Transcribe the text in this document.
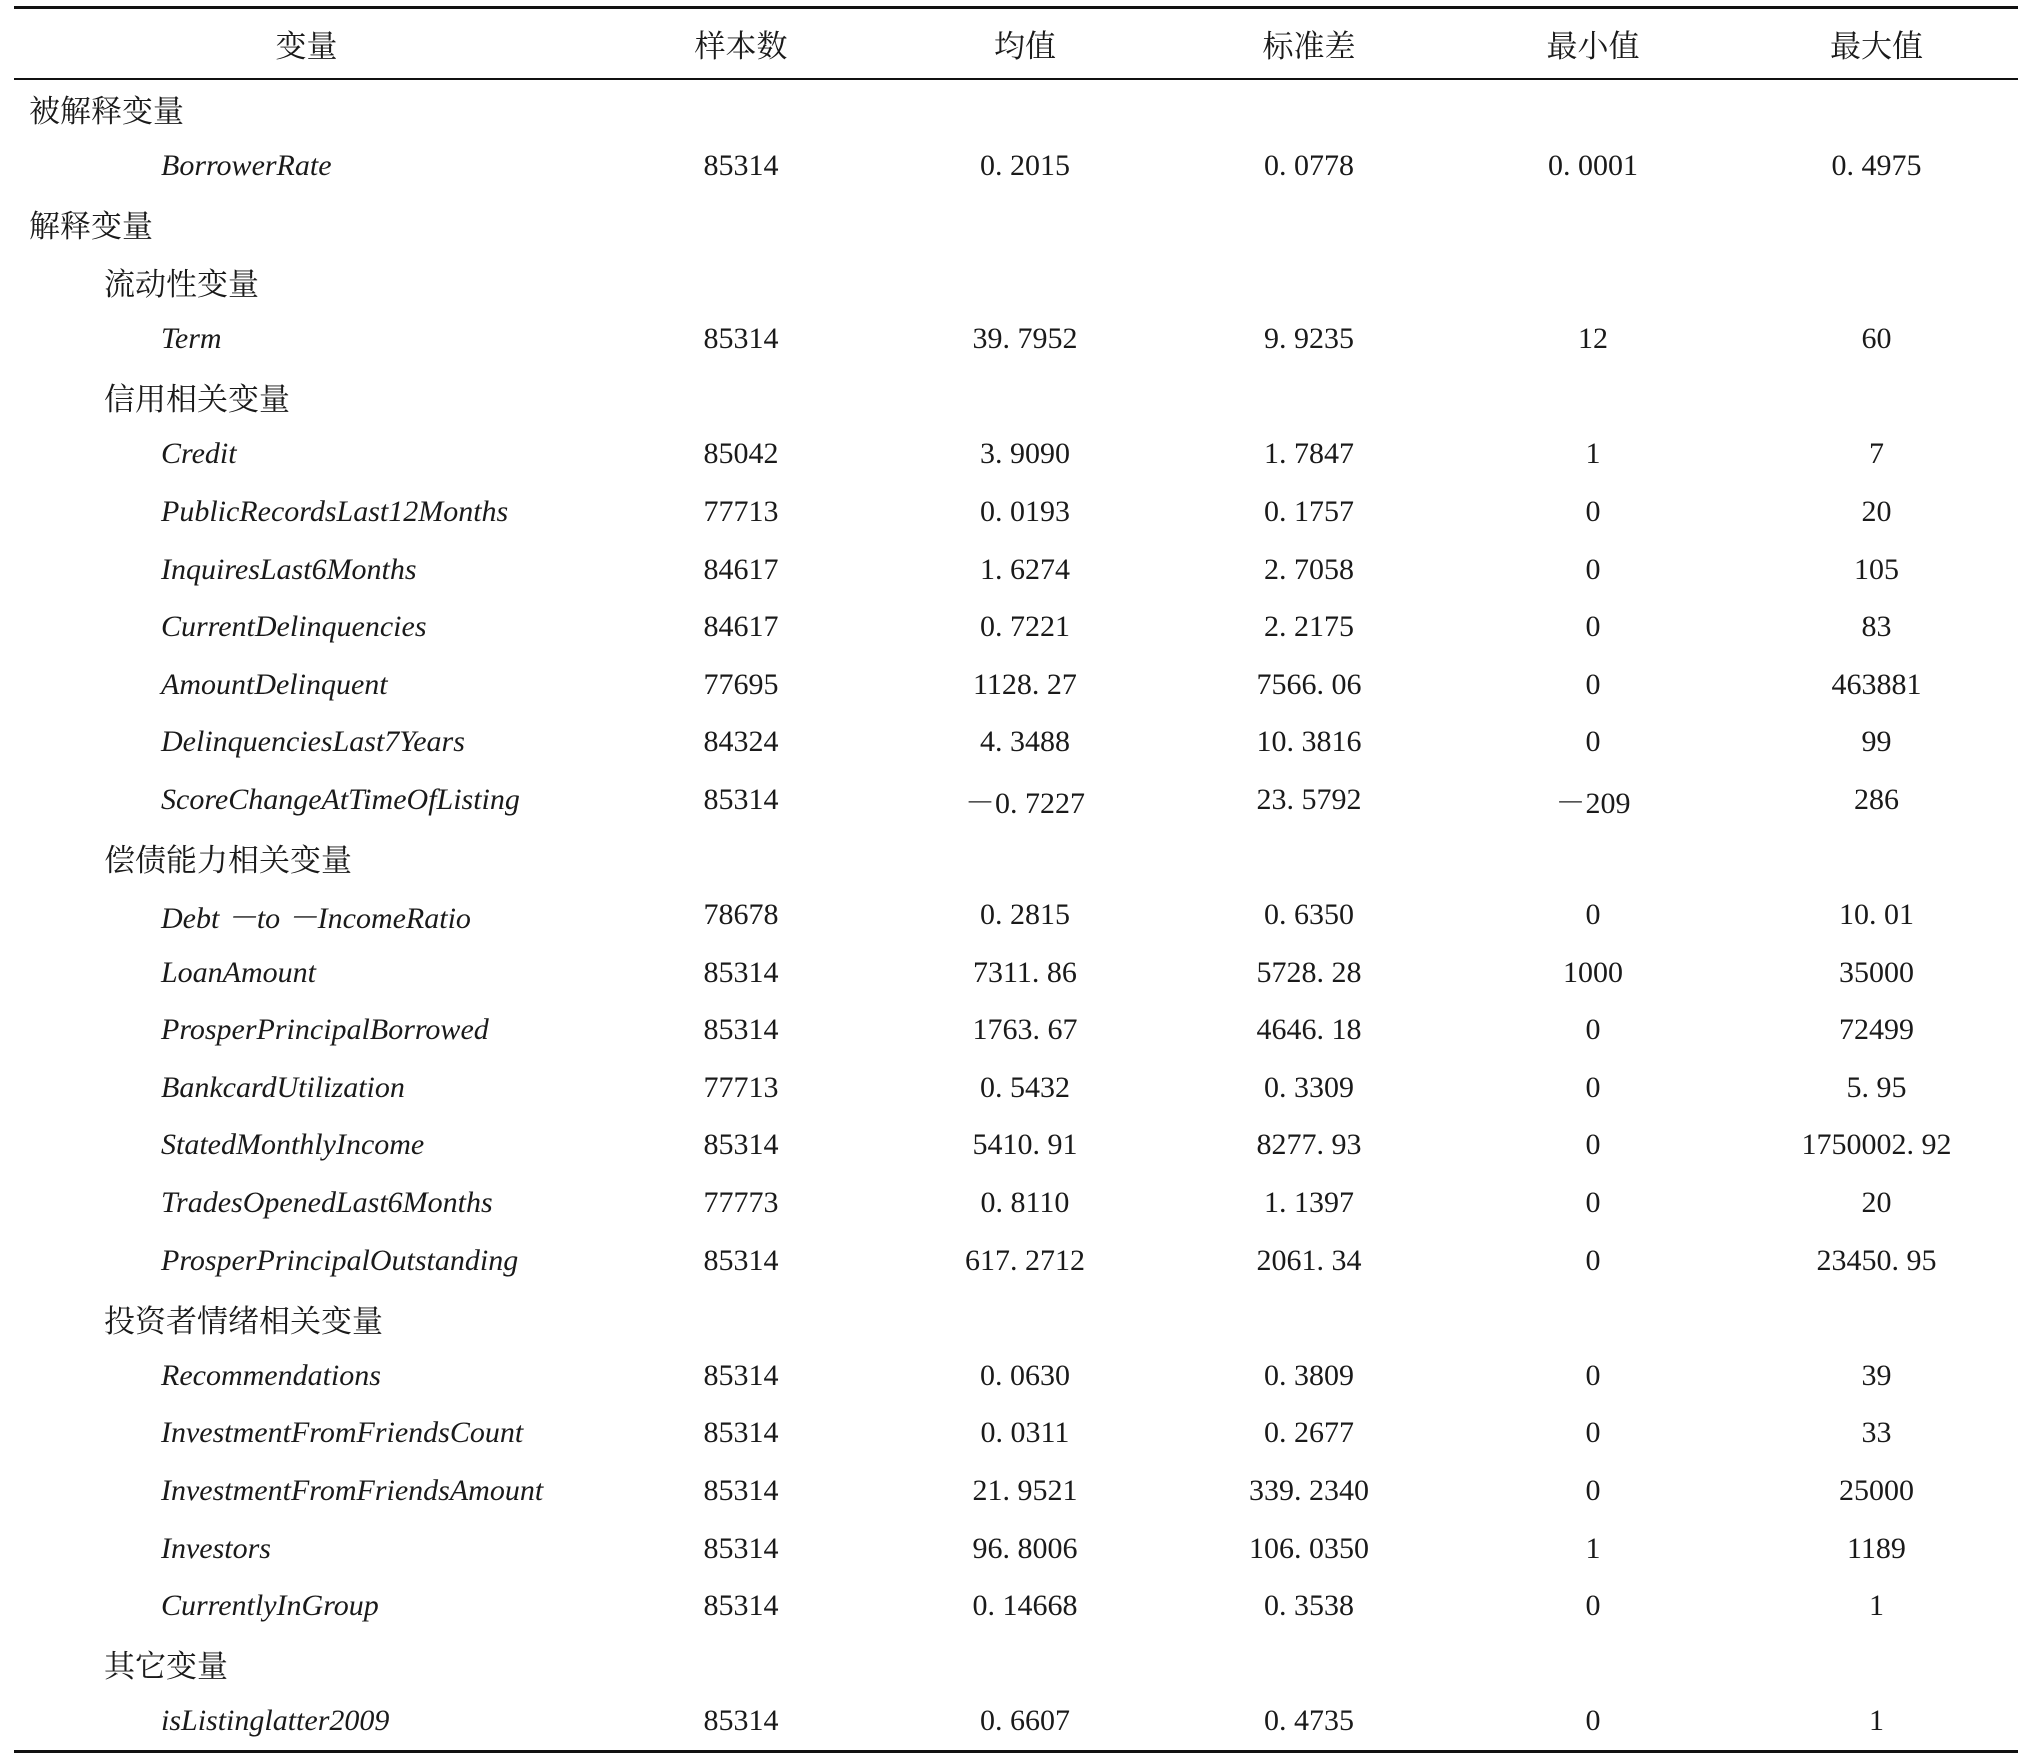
变量	样本数	均值	标准差	最小值	最大值
被解释变量					
BorrowerRate	85314	0. 2015	0. 0778	0. 0001	0. 4975
解释变量					
流动性变量					
Term	85314	39. 7952	9. 9235	12	60
信用相关变量					
Credit	85042	3. 9090	1. 7847	1	7
PublicRecordsLast12Months	77713	0. 0193	0. 1757	0	20
InquiresLast6Months	84617	1. 6274	2. 7058	0	105
CurrentDelinquencies	84617	0. 7221	2. 2175	0	83
AmountDelinquent	77695	1128. 27	7566. 06	0	463881
DelinquenciesLast7Years	84324	4. 3488	10. 3816	0	99
ScoreChangeAtTimeOfListing	85314	－0. 7227	23. 5792	－209	286
偿债能力相关变量					
Debt －to －IncomeRatio	78678	0. 2815	0. 6350	0	10. 01
LoanAmount	85314	7311. 86	5728. 28	1000	35000
ProsperPrincipalBorrowed	85314	1763. 67	4646. 18	0	72499
BankcardUtilization	77713	0. 5432	0. 3309	0	5. 95
StatedMonthlyIncome	85314	5410. 91	8277. 93	0	1750002. 92
TradesOpenedLast6Months	77773	0. 8110	1. 1397	0	20
ProsperPrincipalOutstanding	85314	617. 2712	2061. 34	0	23450. 95
投资者情绪相关变量					
Recommendations	85314	0. 0630	0. 3809	0	39
InvestmentFromFriendsCount	85314	0. 0311	0. 2677	0	33
InvestmentFromFriendsAmount	85314	21. 9521	339. 2340	0	25000
Investors	85314	96. 8006	106. 0350	1	1189
CurrentlyInGroup	85314	0. 14668	0. 3538	0	1
其它变量					
isListinglatter2009	85314	0. 6607	0. 4735	0	1
